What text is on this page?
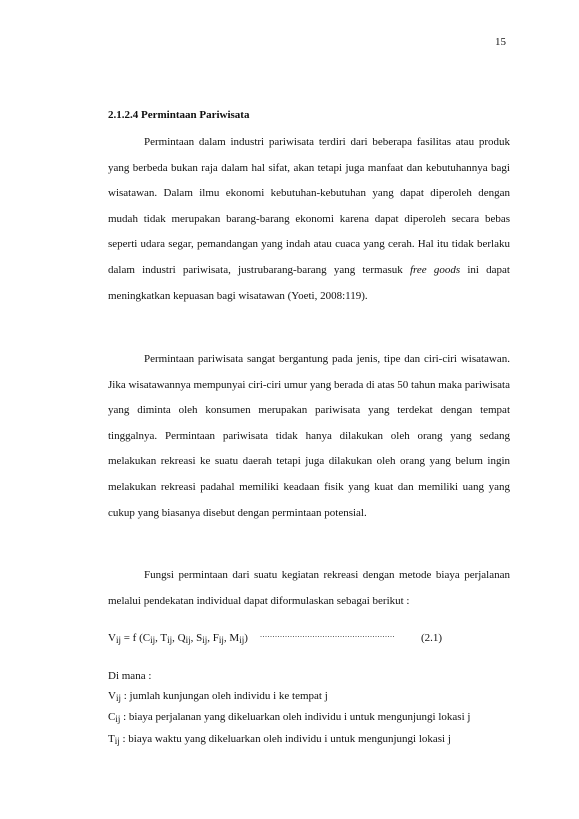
15
2.1.2.4 Permintaan Pariwisata

Permintaan dalam industri pariwisata terdiri dari beberapa fasilitas atau produk yang berbeda bukan raja dalam hal sifat, akan tetapi juga manfaat dan kebutuhannya bagi wisatawan. Dalam ilmu ekonomi kebutuhan-kebutuhan yang dapat diperoleh dengan mudah tidak merupakan barang-barang ekonomi karena dapat diperoleh secara bebas seperti udara segar, pemandangan yang indah atau cuaca yang cerah. Hal itu tidak berlaku dalam industri pariwisata, justrubarang-barang yang termasuk free goods ini dapat meningkatkan kepuasan bagi wisatawan (Yoeti, 2008:119).

Permintaan pariwisata sangat bergantung pada jenis, tipe dan ciri-ciri wisatawan. Jika wisatawannya mempunyai ciri-ciri umur yang berada di atas 50 tahun maka pariwisata yang diminta oleh konsumen merupakan pariwisata yang terdekat dengan tempat tinggalnya. Permintaan pariwisata tidak hanya dilakukan oleh orang yang sedang melakukan rekreasi ke suatu daerah tetapi juga dilakukan oleh orang yang belum ingin melakukan rekreasi padahal memiliki keadaan fisik yang kuat dan memiliki uang yang cukup yang biasanya disebut dengan permintaan potensial.

Fungsi permintaan dari suatu kegiatan rekreasi dengan metode biaya perjalanan melalui pendekatan individual dapat diformulaskan sebagai berikut :

$V_{ij} = f$ ($C_{ij}$, $T_{ij}$, $Q_{ij}$, $S_{ij}$, $F_{ij}$, $M_{ij}$) ...................................................... (2.1)
Di mana :
$V_{ij}$ : jumlah kunjungan oleh individu i ke tempat j
$C_{ij}$ : biaya perjalanan yang dikeluarkan oleh individu i untuk mengunjungi lokasi j
$T_{ij}$ : biaya waktu yang dikeluarkan oleh individu i untuk mengunjungi lokasi j
